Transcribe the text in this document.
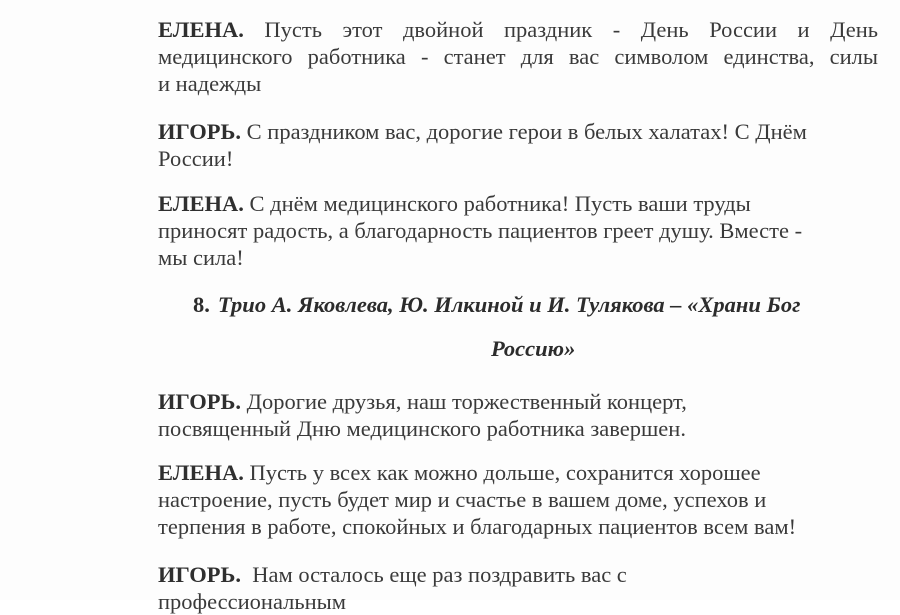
ЕЛЕНА. Пусть этот двойной праздник - День России и День
медицинского работника - станет для вас символом единства, силы
и надежды

ИГОРЬ. С праздником вас, дорогие герои в белых халатах! С Днём
России!

ЕЛЕНА. С днём медицинского работника! Пусть ваши труды
приносят радость, а благодарность пациентов греет душу. Вместе -
мы сила!

8. Трио А. Яковлева, Ю. Илкиной и И. Тулякова – «Храни Бог
Россию»

ИГОРЬ. Дорогие друзья, наш торжественный концерт,
посвященный Дню медицинского работника завершен.

ЕЛЕНА. Пусть у всех как можно дольше, сохранится хорошее
настроение, пусть будет мир и счастье в вашем доме, успехов и
терпения в работе, спокойных и благодарных пациентов всем вам!

ИГОРЬ. Нам осталось еще раз поздравить вас с
профессиональным
